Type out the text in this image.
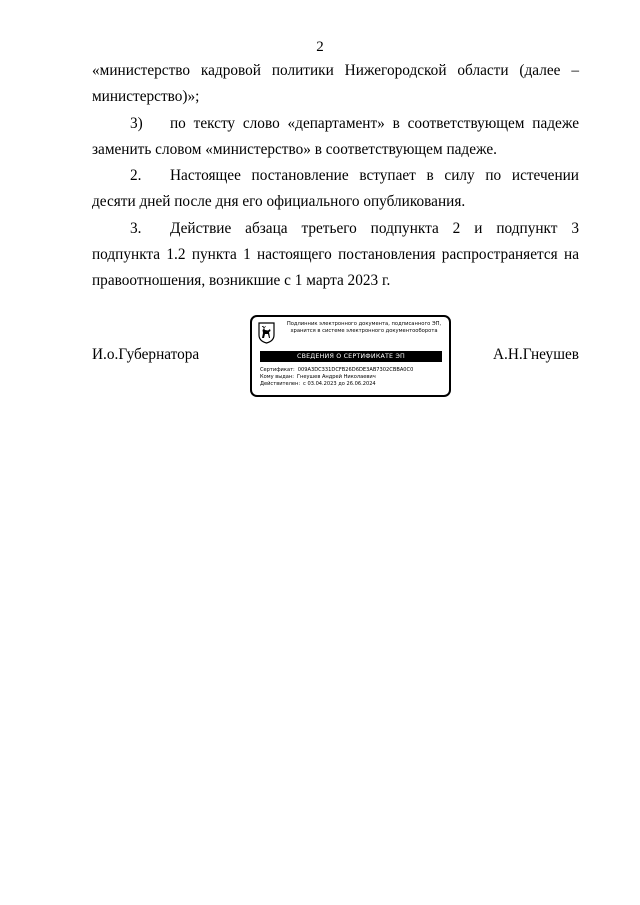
2

«министерство кадровой политики Нижегородской области (далее – министерство)»;

3) по тексту слово «департамент» в соответствующем падеже заменить словом «министерство» в соответствующем падеже.

2. Настоящее постановление вступает в силу по истечении десяти дней после дня его официального опубликования.

3. Действие абзаца третьего подпункта 2 и подпункт 3 подпункта 1.2 пункта 1 настоящего постановления распространяется на правоотношения, возникшие с 1 марта 2023 г.

И.о.Губернатора	А.Н.Гнеушев
Подлинник электронного документа, подписанного ЭП,
хранится в системе электронного документооборота
СВЕДЕНИЯ О СЕРТИФИКАТЕ ЭП
Сертификат: 009A3DC331DCFB26D6DE3AB7302CBBA0C0
Кому выдан: Гнеушев Андрей Николаевич
Действителен: с 03.04.2023 до 26.06.2024
